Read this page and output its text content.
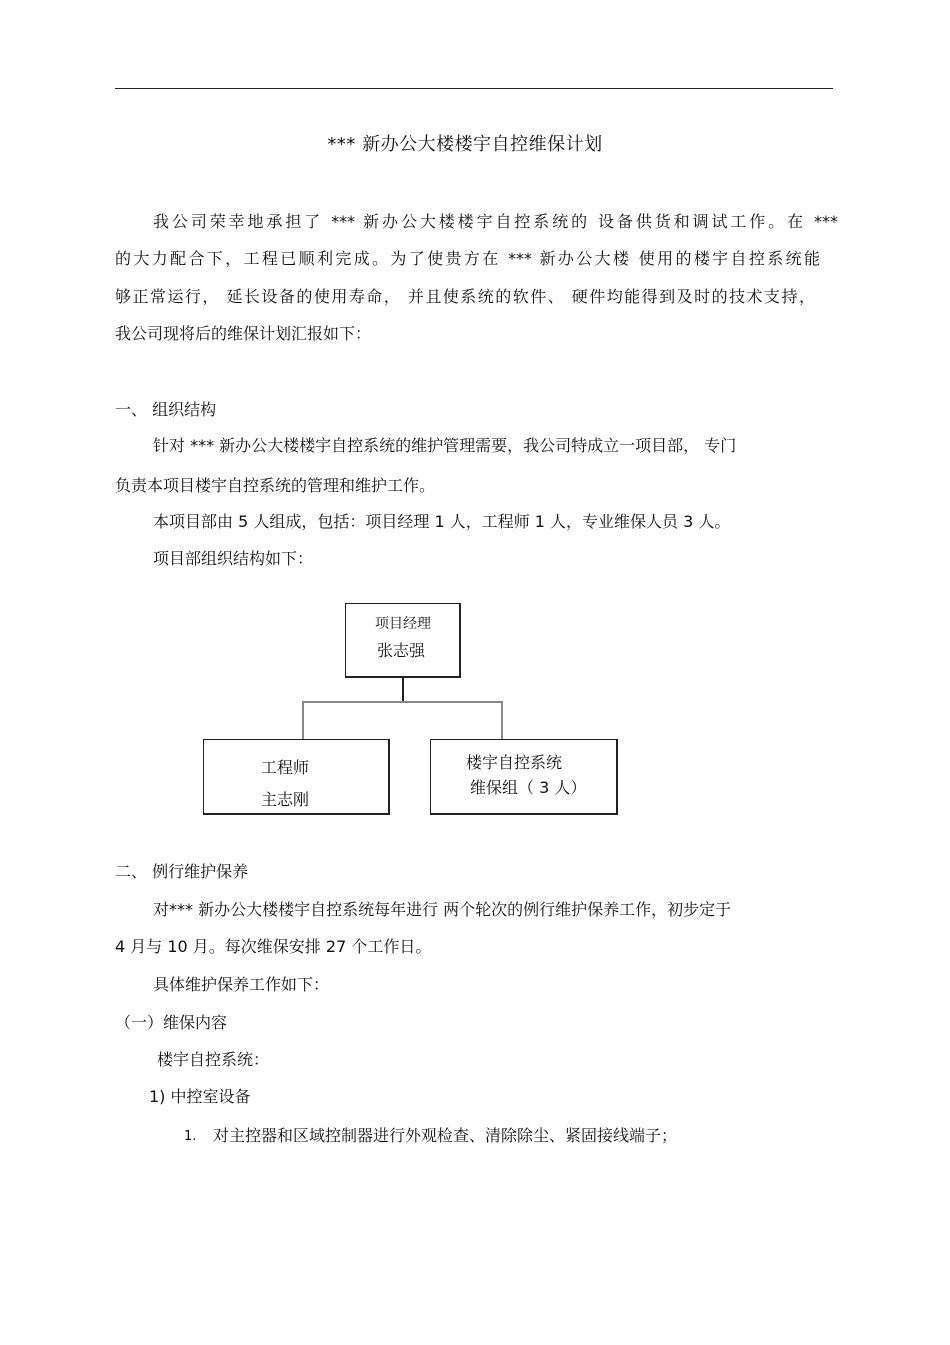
*** 新办公大楼楼宇自控维保计划
我公司荣幸地承担了 *** 新办公大楼楼宇自控系统的 设备供货和调试工作。在 ***
的大力配合下，工程已顺利完成。为了使贵方在 *** 新办公大楼 使用的楼宇自控系统能
够正常运行， 延长设备的使用寿命， 并且使系统的软件、 硬件均能得到及时的技术支持，
我公司现将后的维保计划汇报如下：
一、 组织结构
针对 *** 新办公大楼楼宇自控系统的维护管理需要，我公司特成立一项目部， 专门
负责本项目楼宇自控系统的管理和维护工作。
本项目部由 5 人组成，包括：项目经理 1 人，工程师 1 人，专业维保人员 3 人。
项目部组织结构如下：
项目经理
张志强
工程师
主志刚
楼宇自控系统
维保组（ 3 人）
二、 例行维护保养
对*** 新办公大楼楼宇自控系统每年进行 两个轮次的例行维护保养工作，初步定于
4 月与 10 月。每次维保安排 27 个工作日。
具体维护保养工作如下：
（一）维保内容
楼宇自控系统：
1) 中控室设备
1. 对主控器和区域控制器进行外观检查、清除除尘、紧固接线端子；
